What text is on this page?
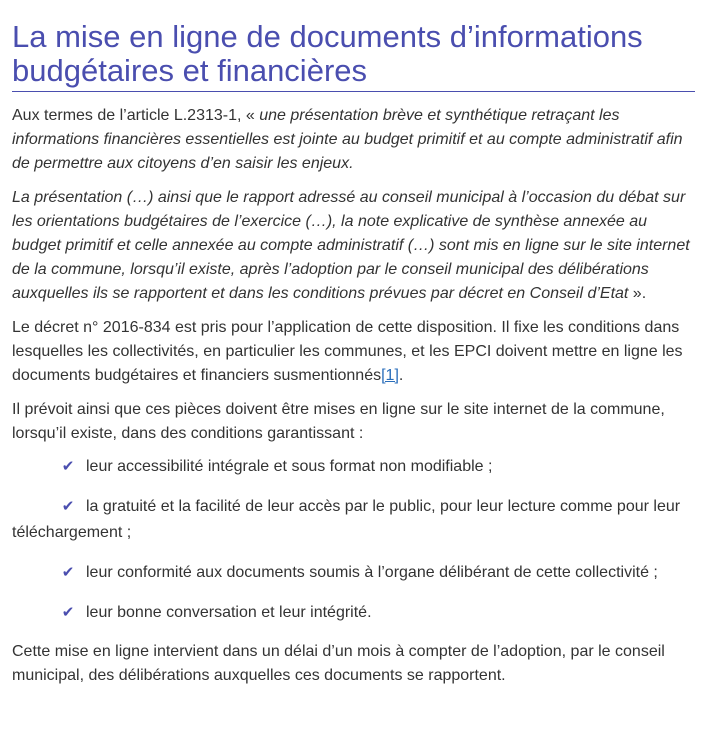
La mise en ligne de documents d’informations budgétaires et financières

Aux termes de l’article L.2313-1, « une présentation brève et synthétique retraçant les informations financières essentielles est jointe au budget primitif et au compte administratif afin de permettre aux citoyens d’en saisir les enjeux.

La présentation (…) ainsi que le rapport adressé au conseil municipal à l’occasion du débat sur les orientations budgétaires de l’exercice (…), la note explicative de synthèse annexée au budget primitif et celle annexée au compte administratif (…) sont mis en ligne sur le site internet de la commune, lorsqu’il existe, après l’adoption par le conseil municipal des délibérations auxquelles ils se rapportent et dans les conditions prévues par décret en Conseil d’Etat ».

Le décret n° 2016-834 est pris pour l’application de cette disposition. Il fixe les conditions dans lesquelles les collectivités, en particulier les communes, et les EPCI doivent mettre en ligne les documents budgétaires et financiers susmentionnés[1].

Il prévoit ainsi que ces pièces doivent être mises en ligne sur le site internet de la commune, lorsqu’il existe, dans des conditions garantissant :

✔ leur accessibilité intégrale et sous format non modifiable ;
✔ la gratuité et la facilité de leur accès par le public, pour leur lecture comme pour leur téléchargement ;
✔ leur conformité aux documents soumis à l’organe délibérant de cette collectivité ;
✔ leur bonne conversation et leur intégrité.

Cette mise en ligne intervient dans un délai d’un mois à compter de l’adoption, par le conseil municipal, des délibérations auxquelles ces documents se rapportent.
